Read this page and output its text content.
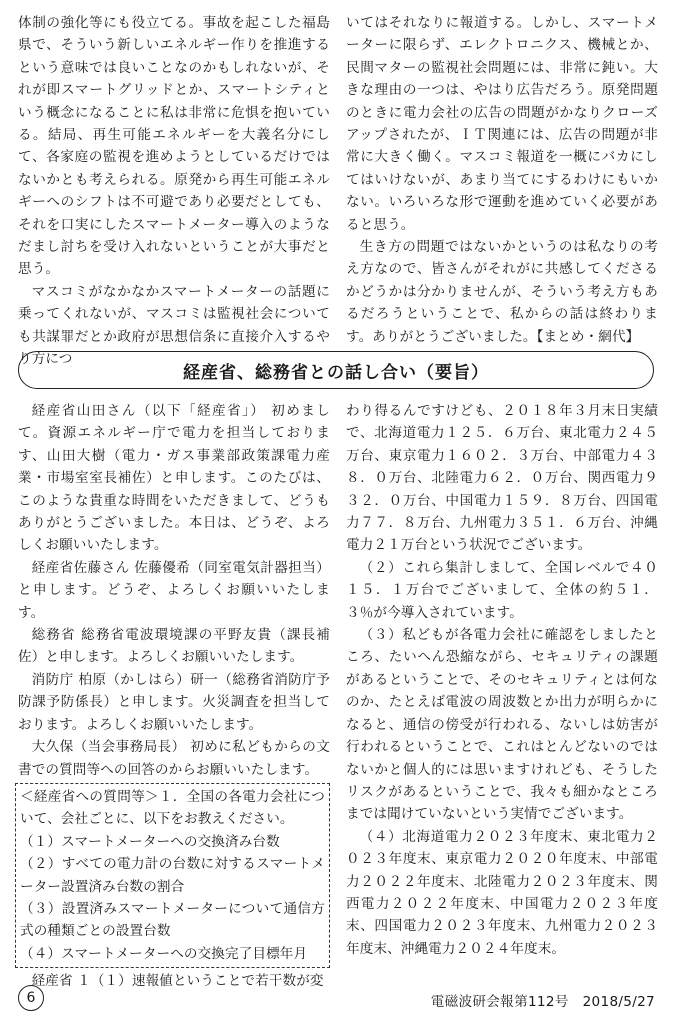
体制の強化等にも役立てる。事故を起こした福島県で、そういう新しいエネルギー作りを推進するという意味では良いことなのかもしれないが、それが即スマートグリッドとか、スマートシティという概念になることに私は非常に危惧を抱いている。結局、再生可能エネルギーを大義名分にして、各家庭の監視を進めようとしているだけではないかとも考えられる。原発から再生可能エネルギーへのシフトは不可避であり必要だとしても、それを口実にしたスマートメーター導入のようなだまし討ちを受け入れないということが大事だと思う。

マスコミがなかなかスマートメーターの話題に乗ってくれないが、マスコミは監視社会についても共謀罪だとか政府が思想信条に直接介入するやり方につ

いてはそれなりに報道する。しかし、スマートメーターに限らず、エレクトロニクス、機械とか、民間マターの監視社会問題には、非常に鈍い。大きな理由の一つは、やはり広告だろう。原発問題のときに電力会社の広告の問題がかなりクローズアップされたが、ＩＴ関連には、広告の問題が非常に大きく働く。マスコミ報道を一概にバカにしてはいけないが、あまり当てにするわけにもいかない。いろいろな形で運動を進めていく必要があると思う。

生き方の問題ではないかというのは私なりの考え方なので、皆さんがそれがに共感してくださるかどうかは分かりませんが、そういう考え方もあるだろうということで、私からの話は終わります。ありがとうございました。【まとめ・網代】

経産省、総務省との話し合い（要旨）

経産省山田さん（以下「経産省」） 初めまして。資源エネルギー庁で電力を担当しております、山田大樹（電力・ガス事業部政策課電力産業・市場室室長補佐）と申します。このたびは、このような貴重な時間をいただきまして、どうもありがとうございました。本日は、どうぞ、よろしくお願いいたします。

経産省佐藤さん 佐藤優希（同室電気計器担当）と申します。どうぞ、よろしくお願いいたします。

総務省 総務省電波環境課の平野友貴（課長補佐）と申します。よろしくお願いいたします。

消防庁 柏原（かしはら）研一（総務省消防庁予防課予防係長）と申します。火災調査を担当しております。よろしくお願いいたします。

大久保（当会事務局長） 初めに私どもからの文書での質問等への回答のからお願いいたします。

＜経産省への質問等＞１．全国の各電力会社について、会社ごとに、以下をお教えください。

（１）スマートメーターへの交換済み台数

（２）すべての電力計の台数に対するスマートメーター設置済み台数の割合

（３）設置済みスマートメーターについて通信方式の種類ごとの設置台数

（４）スマートメーターへの交換完了目標年月

経産省 １（１）速報値ということで若干数が変

わり得るんですけども、２０１８年３月末日実績で、北海道電力１２５．６万台、東北電力２４５万台、東京電力１６０２．３万台、中部電力４３８．０万台、北陸電力６２．０万台、関西電力９３２．０万台、中国電力１５９．８万台、四国電力７７．８万台、九州電力３５１．６万台、沖縄電力２１万台という状況でございます。

（２）これら集計しまして、全国レベルで４０１５．１万台でございまして、全体の約５１．３％が今導入されています。

（３）私どもが各電力会社に確認をしましたところ、たいへん恐縮ながら、セキュリティの課題があるということで、そのセキュリティとは何なのか、たとえば電波の周波数とか出力が明らかになると、通信の傍受が行われる、ないしは妨害が行われるということで、これはとんどないのではないかと個人的には思いますけれども、そうしたリスクがあるということで、我々も細かなところまでは聞けていないという実情でございます。

（４）北海道電力２０２３年度末、東北電力２０２３年度末、東京電力２０２０年度末、中部電力２０２２年度末、北陸電力２０２３年度末、関西電力２０２２年度末、中国電力２０２３年度末、四国電力２０２３年度末、九州電力２０２３年度末、沖縄電力２０２４年度末。

6	電磁波研会報第112号　2018/5/27
